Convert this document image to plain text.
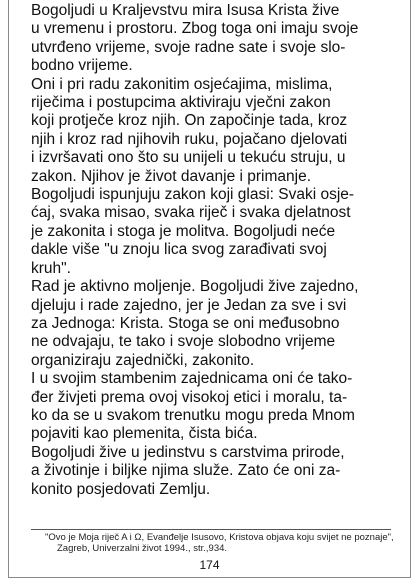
Bogoljudi u Kraljevstvu mira Isusa Krista žive
u vremenu i prostoru. Zbog toga oni imaju svoje
utvrđeno vrijeme, svoje radne sate i svoje slo-
bodno vrijeme.
Oni i pri radu zakonitim osjećajima, mislima,
riječima i postupcima aktiviraju vječni zakon
koji protječe kroz njih. On započinje tada, kroz
njih i kroz rad njihovih ruku, pojačano djelovati
i izvršavati ono što su unijeli u tekuću struju, u
zakon. Njihov je život davanje i primanje.
Bogoljudi ispunjuju zakon koji glasi: Svaki osje-
ćaj, svaka misao, svaka riječ i svaka djelatnost
je zakonita i stoga je molitva. Bogoljudi neće
dakle više "u znoju lica svog zarađivati svoj
kruh".
Rad je aktivno moljenje. Bogoljudi žive zajedno,
djeluju i rade zajedno, jer je Jedan za sve i svi
za Jednoga: Krista. Stoga se oni međusobno
ne odvajaju, te tako i svoje slobodno vrijeme
organiziraju zajednički, zakonito.
I u svojim stambenim zajednicama oni će tako-
đer živjeti prema ovoj visokoj etici i moralu, ta-
ko da se u svakom trenutku mogu preda Mnom
pojaviti kao plemenita, čista bića.
Bogoljudi žive u jedinstvu s carstvima prirode,
a životinje i biljke njima služe. Zato će oni za-
konito posjedovati Zemlju.
"Ovo je Moja riječ A i Ω, Evanđelje Isusovo, Kristova objava koju svijet ne poznaje",
Zagreb, Univerzalni život 1994., str.,934.
174
